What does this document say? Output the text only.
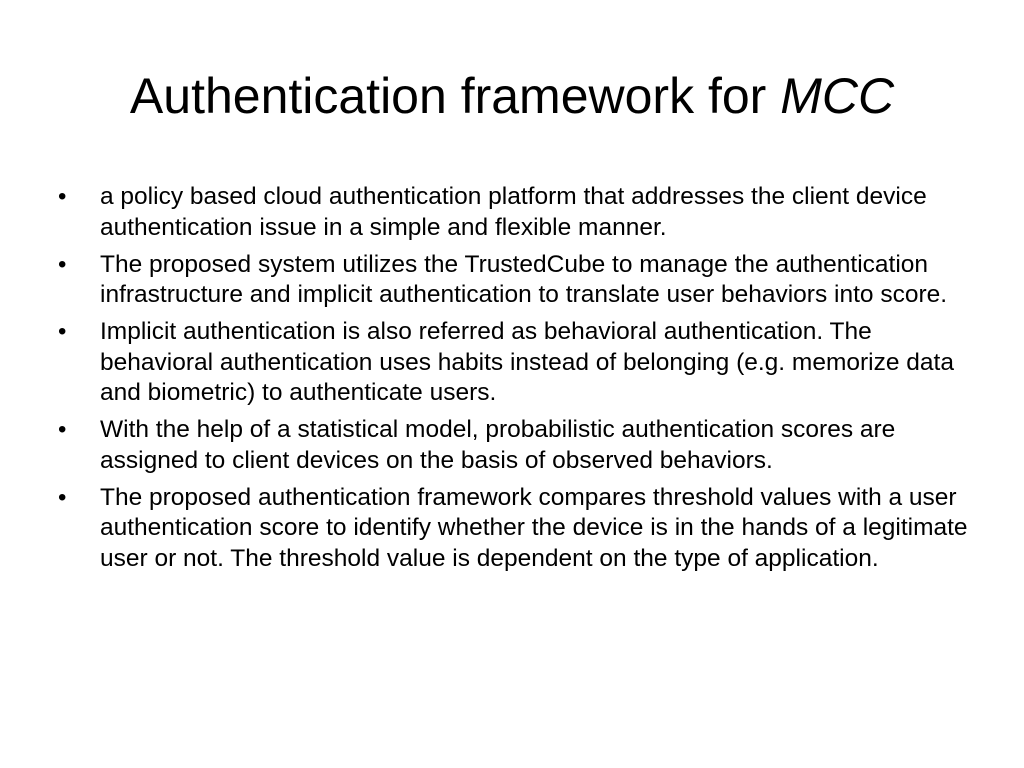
Authentication framework for MCC
•	a policy based cloud authentication platform that addresses the client device authentication issue in a simple and flexible manner.
•	The proposed system utilizes the TrustedCube to manage the authentication infrastructure and implicit authentication to translate user behaviors into score.
•	Implicit authentication is also referred as behavioral authentication. The behavioral authentication uses habits instead of belonging (e.g. memorize data and biometric) to authenticate users.
•	With the help of a statistical model, probabilistic authentication scores are assigned to client devices on the basis of observed behaviors.
•	The proposed authentication framework compares threshold values with a user authentication score to identify whether the device is in the hands of a legitimate user or not. The threshold value is dependent on the type of application.
